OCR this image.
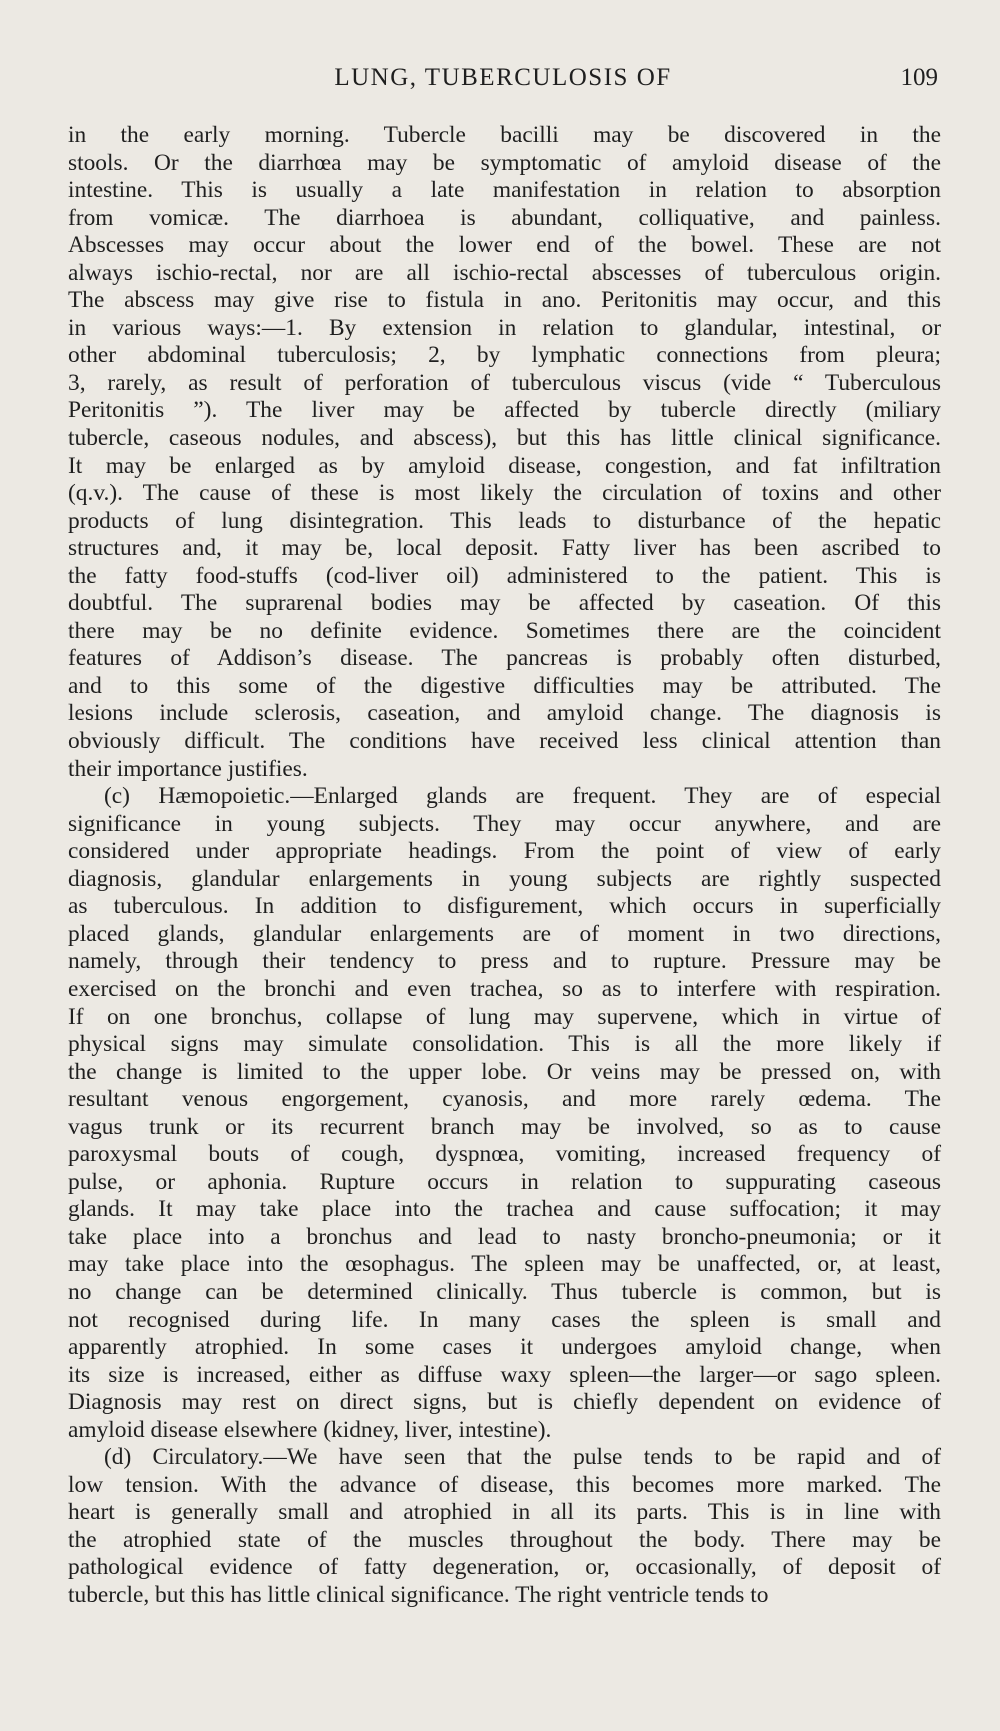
LUNG, TUBERCULOSIS OF	109
in the early morning. Tubercle bacilli may be discovered in the
stools. Or the diarrhœa may be symptomatic of amyloid disease of the
intestine. This is usually a late manifestation in relation to absorption
from vomicæ. The diarrhoea is abundant, colliquative, and painless.
Abscesses may occur about the lower end of the bowel. These are not
always ischio-rectal, nor are all ischio-rectal abscesses of tuberculous origin.
The abscess may give rise to fistula in ano. Peritonitis may occur, and this
in various ways:—1. By extension in relation to glandular, intestinal, or
other abdominal tuberculosis; 2, by lymphatic connections from pleura;
3, rarely, as result of perforation of tuberculous viscus (vide “ Tuberculous
Peritonitis ”). The liver may be affected by tubercle directly (miliary
tubercle, caseous nodules, and abscess), but this has little clinical significance.
It may be enlarged as by amyloid disease, congestion, and fat infiltration
(q.v.). The cause of these is most likely the circulation of toxins and other
products of lung disintegration. This leads to disturbance of the hepatic
structures and, it may be, local deposit. Fatty liver has been ascribed to
the fatty food-stuffs (cod-liver oil) administered to the patient. This is
doubtful. The suprarenal bodies may be affected by caseation. Of this
there may be no definite evidence. Sometimes there are the coincident
features of Addison’s disease. The pancreas is probably often disturbed,
and to this some of the digestive difficulties may be attributed. The
lesions include sclerosis, caseation, and amyloid change. The diagnosis is
obviously difficult. The conditions have received less clinical attention than
their importance justifies.
(c) Hæmopoietic.—Enlarged glands are frequent. They are of especial
significance in young subjects. They may occur anywhere, and are
considered under appropriate headings. From the point of view of early
diagnosis, glandular enlargements in young subjects are rightly suspected
as tuberculous. In addition to disfigurement, which occurs in superficially
placed glands, glandular enlargements are of moment in two directions,
namely, through their tendency to press and to rupture. Pressure may be
exercised on the bronchi and even trachea, so as to interfere with respiration.
If on one bronchus, collapse of lung may supervene, which in virtue of
physical signs may simulate consolidation. This is all the more likely if
the change is limited to the upper lobe. Or veins may be pressed on, with
resultant venous engorgement, cyanosis, and more rarely œdema. The
vagus trunk or its recurrent branch may be involved, so as to cause
paroxysmal bouts of cough, dyspnœa, vomiting, increased frequency of
pulse, or aphonia. Rupture occurs in relation to suppurating caseous
glands. It may take place into the trachea and cause suffocation; it may
take place into a bronchus and lead to nasty broncho-pneumonia; or it
may take place into the œsophagus. The spleen may be unaffected, or, at least,
no change can be determined clinically. Thus tubercle is common, but is
not recognised during life. In many cases the spleen is small and
apparently atrophied. In some cases it undergoes amyloid change, when
its size is increased, either as diffuse waxy spleen—the larger—or sago spleen.
Diagnosis may rest on direct signs, but is chiefly dependent on evidence of
amyloid disease elsewhere (kidney, liver, intestine).
(d) Circulatory.—We have seen that the pulse tends to be rapid and of
low tension. With the advance of disease, this becomes more marked. The
heart is generally small and atrophied in all its parts. This is in line with
the atrophied state of the muscles throughout the body. There may be
pathological evidence of fatty degeneration, or, occasionally, of deposit of
tubercle, but this has little clinical significance. The right ventricle tends to
